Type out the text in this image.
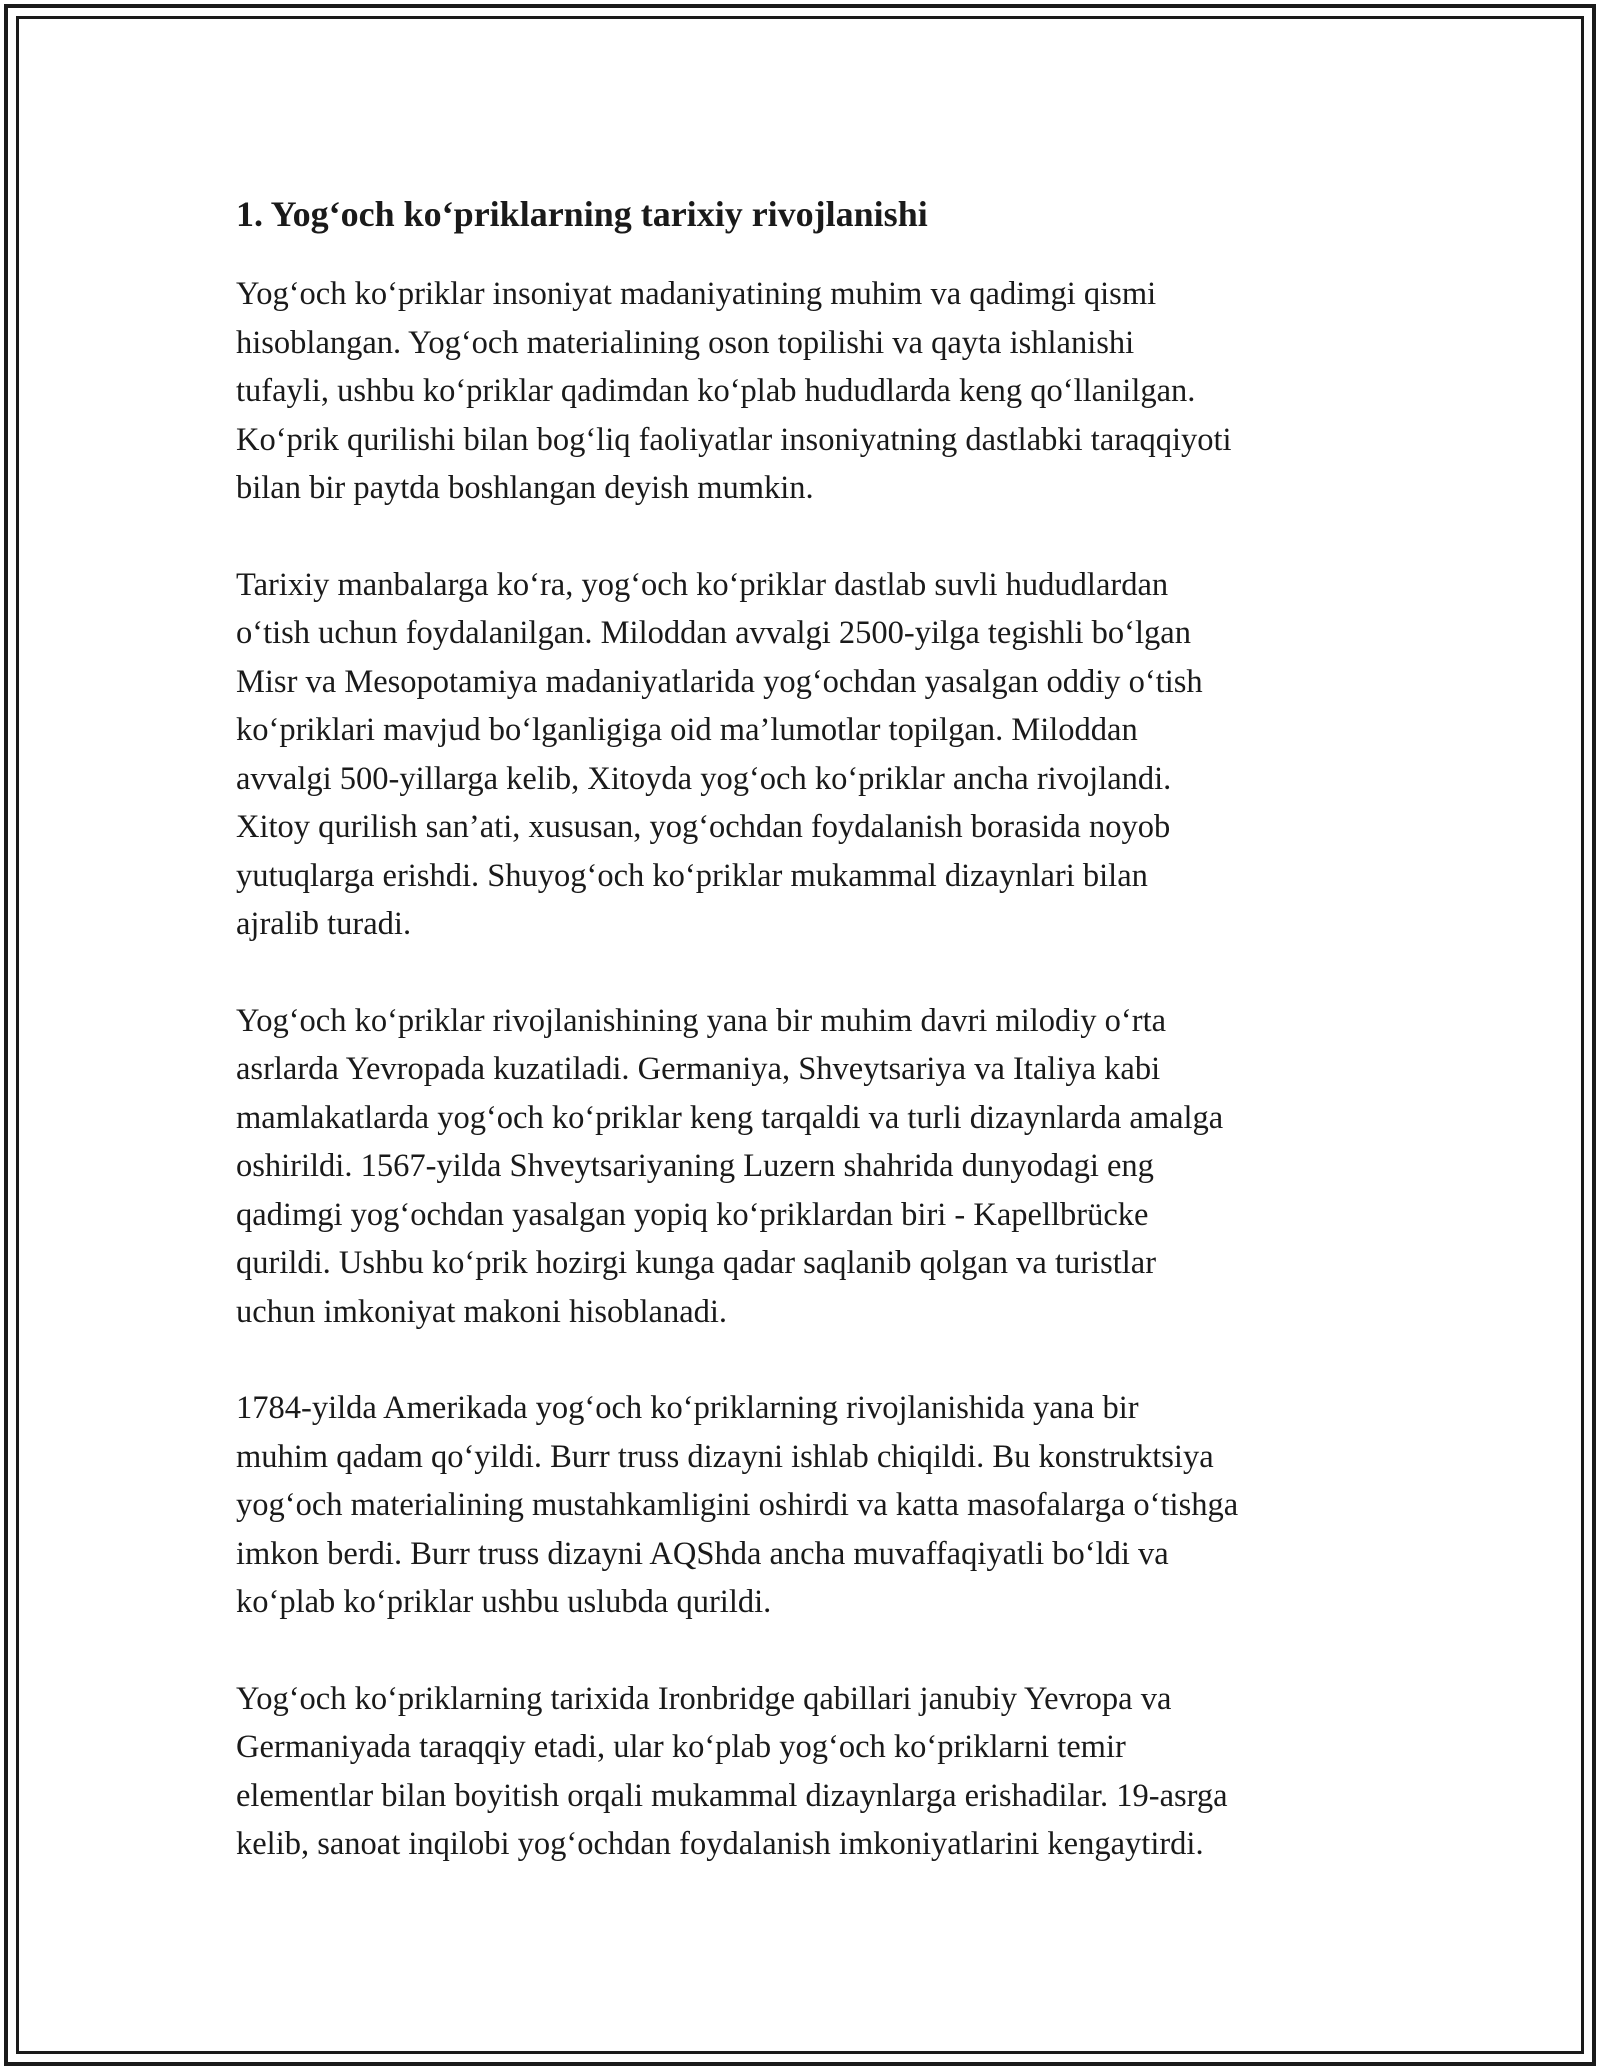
1. Yog‘och ko‘priklarning tarixiy rivojlanishi

Yog‘och ko‘priklar insoniyat madaniyatining muhim va qadimgi qismi
hisoblangan. Yog‘och materialining oson topilishi va qayta ishlanishi
tufayli, ushbu ko‘priklar qadimdan ko‘plab hududlarda keng qo‘llanilgan.
Ko‘prik qurilishi bilan bog‘liq faoliyatlar insoniyatning dastlabki taraqqiyoti
bilan bir paytda boshlangan deyish mumkin.

Tarixiy manbalarga ko‘ra, yog‘och ko‘priklar dastlab suvli hududlardan
o‘tish uchun foydalanilgan. Miloddan avvalgi 2500-yilga tegishli bo‘lgan
Misr va Mesopotamiya madaniyatlarida yog‘ochdan yasalgan oddiy o‘tish
ko‘priklari mavjud bo‘lganligiga oid ma’lumotlar topilgan. Miloddan
avvalgi 500-yillarga kelib, Xitoyda yog‘och ko‘priklar ancha rivojlandi.
Xitoy qurilish san’ati, xususan, yog‘ochdan foydalanish borasida noyob
yutuqlarga erishdi. Shuyog‘och ko‘priklar mukammal dizaynlari bilan
ajralib turadi.

Yog‘och ko‘priklar rivojlanishining yana bir muhim davri milodiy o‘rta
asrlarda Yevropada kuzatiladi. Germaniya, Shveytsariya va Italiya kabi
mamlakatlarda yog‘och ko‘priklar keng tarqaldi va turli dizaynlarda amalga
oshirildi. 1567-yilda Shveytsariyaning Luzern shahrida dunyodagi eng
qadimgi yog‘ochdan yasalgan yopiq ko‘priklardan biri - Kapellbrücke
qurildi. Ushbu ko‘prik hozirgi kunga qadar saqlanib qolgan va turistlar
uchun imkoniyat makoni hisoblanadi.

1784-yilda Amerikada yog‘och ko‘priklarning rivojlanishida yana bir
muhim qadam qo‘yildi. Burr truss dizayni ishlab chiqildi. Bu konstruktsiya
yog‘och materialining mustahkamligini oshirdi va katta masofalarga o‘tishga
imkon berdi. Burr truss dizayni AQShda ancha muvaffaqiyatli bo‘ldi va
ko‘plab ko‘priklar ushbu uslubda qurildi.

Yog‘och ko‘priklarning tarixida Ironbridge qabillari janubiy Yevropa va
Germaniyada taraqqiy etadi, ular ko‘plab yog‘och ko‘priklarni temir
elementlar bilan boyitish orqali mukammal dizaynlarga erishadilar. 19-asrga
kelib, sanoat inqilobi yog‘ochdan foydalanish imkoniyatlarini kengaytirdi.
